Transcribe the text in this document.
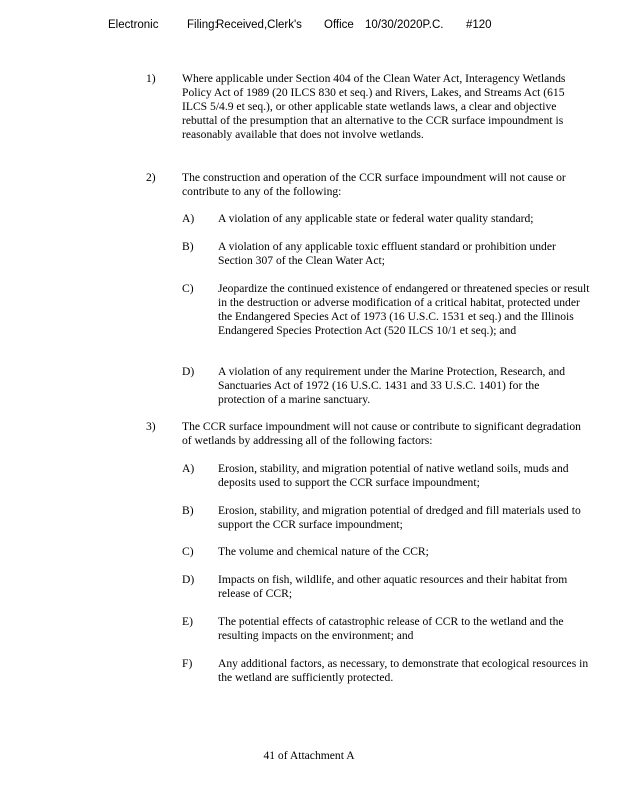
Electronic Filing:
Received,Clerk's Office 10/30/2020P.C. #120
1)	Where applicable under Section 404 of the Clean Water Act, Interagency Wetlands Policy Act of 1989 (20 ILCS 830 et seq.) and Rivers, Lakes, and Streams Act (615 ILCS 5/4.9 et seq.), or other applicable state wetlands laws, a clear and objective rebuttal of the presumption that an alternative to the CCR surface impoundment is reasonably available that does not involve wetlands.
2)	The construction and operation of the CCR surface impoundment will not cause or contribute to any of the following:
A)	A violation of any applicable state or federal water quality standard;
B)	A violation of any applicable toxic effluent standard or prohibition under Section 307 of the Clean Water Act;
C)	Jeopardize the continued existence of endangered or threatened species or result in the destruction or adverse modification of a critical habitat, protected under the Endangered Species Act of 1973 (16 U.S.C. 1531 et seq.) and the Illinois Endangered Species Protection Act (520 ILCS 10/1 et seq.); and
D)	A violation of any requirement under the Marine Protection, Research, and Sanctuaries Act of 1972 (16 U.S.C. 1431 and 33 U.S.C. 1401) for the protection of a marine sanctuary.
3)	The CCR surface impoundment will not cause or contribute to significant degradation of wetlands by addressing all of the following factors:
A)	Erosion, stability, and migration potential of native wetland soils, muds and deposits used to support the CCR surface impoundment;
B)	Erosion, stability, and migration potential of dredged and fill materials used to support the CCR surface impoundment;
C)	The volume and chemical nature of the CCR;
D)	Impacts on fish, wildlife, and other aquatic resources and their habitat from release of CCR;
E)	The potential effects of catastrophic release of CCR to the wetland and the resulting impacts on the environment; and
F)	Any additional factors, as necessary, to demonstrate that ecological resources in the wetland are sufficiently protected.
41 of Attachment A
